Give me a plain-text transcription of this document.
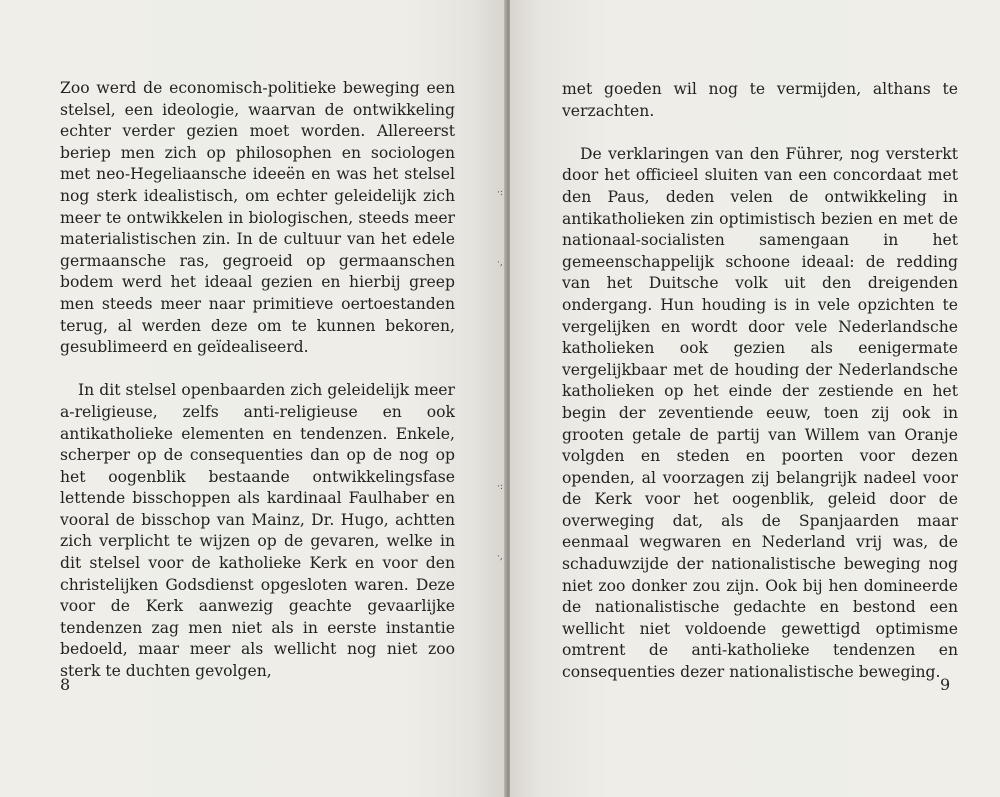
Zoo werd de economisch-politieke beweging een stelsel, een ideologie, waarvan de ontwikkeling echter verder gezien moet worden. Allereerst beriep men zich op philosophen en sociologen met neo-Hegeliaansche ideeën en was het stelsel nog sterk idealistisch, om echter geleidelijk zich meer te ontwikkelen in biologischen, steeds meer materialistischen zin. In de cultuur van het edele germaansche ras, gegroeid op germaanschen bodem werd het ideaal gezien en hierbij greep men steeds meer naar primitieve oertoestanden terug, al werden deze om te kunnen bekoren, gesublimeerd en geïdealiseerd.

In dit stelsel openbaarden zich geleidelijk meer a-religieuse, zelfs anti-religieuse en ook antikatholieke elementen en tendenzen. Enkele, scherper op de consequenties dan op de nog op het oogenblik bestaande ontwikkelingsfase lettende bisschoppen als kardinaal Faulhaber en vooral de bisschop van Mainz, Dr. Hugo, achtten zich verplicht te wijzen op de gevaren, welke in dit stelsel voor de katholieke Kerk en voor den christelijken Godsdienst opgesloten waren. Deze voor de Kerk aanwezig geachte gevaarlijke tendenzen zag men niet als in eerste instantie bedoeld, maar meer als wellicht nog niet zoo sterk te duchten gevolgen,

8
·:
·,
·:
·,

met goeden wil nog te vermijden, althans te verzachten.

De verklaringen van den Führer, nog versterkt door het officieel sluiten van een concordaat met den Paus, deden velen de ontwikkeling in antikatholieken zin optimistisch bezien en met de nationaal-socialisten samengaan in het gemeenschappelijk schoone ideaal: de redding van het Duitsche volk uit den dreigenden ondergang. Hun houding is in vele opzichten te vergelijken en wordt door vele Nederlandsche katholieken ook gezien als eenigermate vergelijkbaar met de houding der Nederlandsche katholieken op het einde der zestiende en het begin der zeventiende eeuw, toen zij ook in grooten getale de partij van Willem van Oranje volgden en steden en poorten voor dezen openden, al voorzagen zij belangrijk nadeel voor de Kerk voor het oogenblik, geleid door de overweging dat, als de Spanjaarden maar eenmaal wegwaren en Nederland vrij was, de schaduwzijde der nationalistische beweging nog niet zoo donker zou zijn. Ook bij hen domineerde de nationalistische gedachte en bestond een wellicht niet voldoende gewettigd optimisme omtrent de anti-katholieke tendenzen en consequenties dezer nationalistische beweging.

9
